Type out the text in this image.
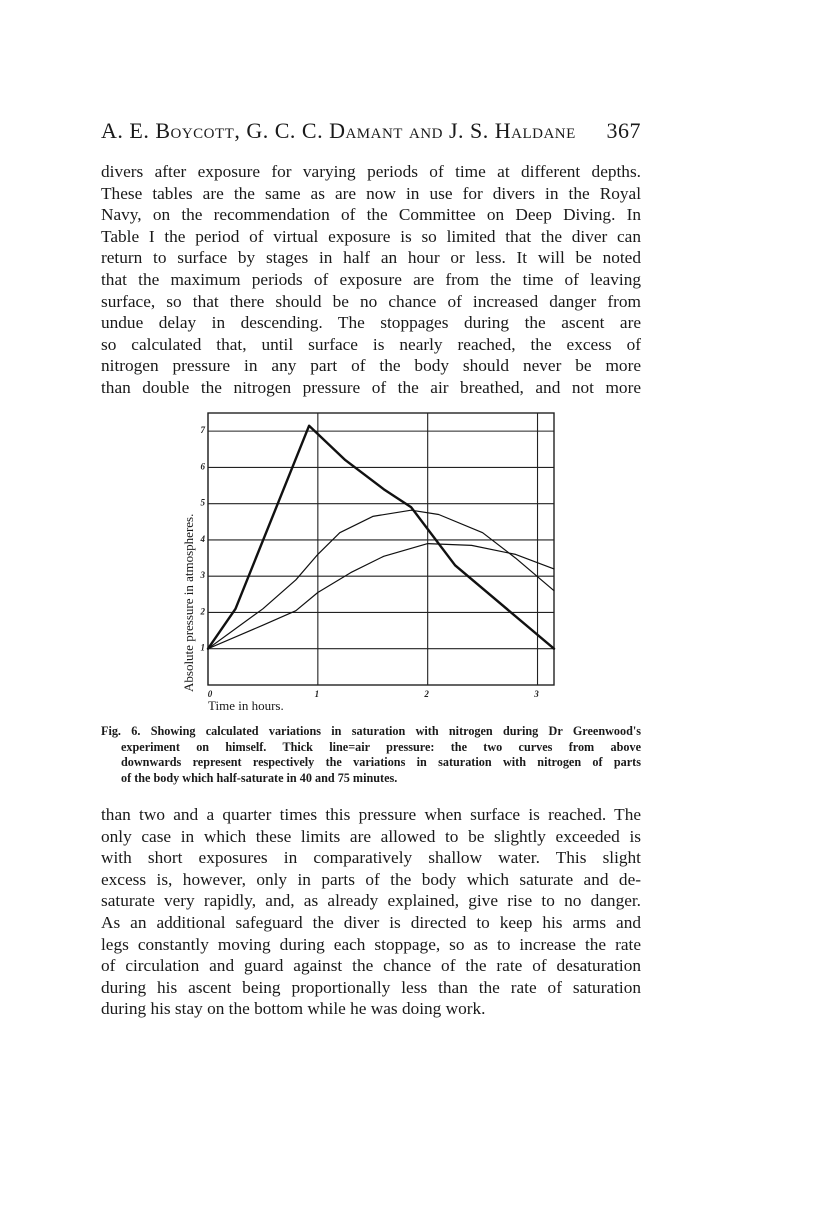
A. E. Boycott, G. C. C. Damant and J. S. Haldane 367
divers after exposure for varying periods of time at different depths.
These tables are the same as are now in use for divers in the Royal
Navy, on the recommendation of the Committee on Deep Diving. In
Table I the period of virtual exposure is so limited that the diver can
return to surface by stages in half an hour or less. It will be noted
that the maximum periods of exposure are from the time of leaving
surface, so that there should be no chance of increased danger from
undue delay in descending. The stoppages during the ascent are
so calculated that, until surface is nearly reached, the excess of
nitrogen pressure in any part of the body should never be more
than double the nitrogen pressure of the air breathed, and not more
1
2
3
4
5
6
7
0	1	2	3
Absolute pressure in atmospheres.
Time in hours.
Fig. 6. Showing calculated variations in saturation with nitrogen during Dr Greenwood's
experiment on himself. Thick line=air pressure: the two curves from above
downwards represent respectively the variations in saturation with nitrogen of parts
of the body which half-saturate in 40 and 75 minutes.
than two and a quarter times this pressure when surface is reached. The
only case in which these limits are allowed to be slightly exceeded is
with short exposures in comparatively shallow water. This slight
excess is, however, only in parts of the body which saturate and de-
saturate very rapidly, and, as already explained, give rise to no danger.
As an additional safeguard the diver is directed to keep his arms and
legs constantly moving during each stoppage, so as to increase the rate
of circulation and guard against the chance of the rate of desaturation
during his ascent being proportionally less than the rate of saturation
during his stay on the bottom while he was doing work.
